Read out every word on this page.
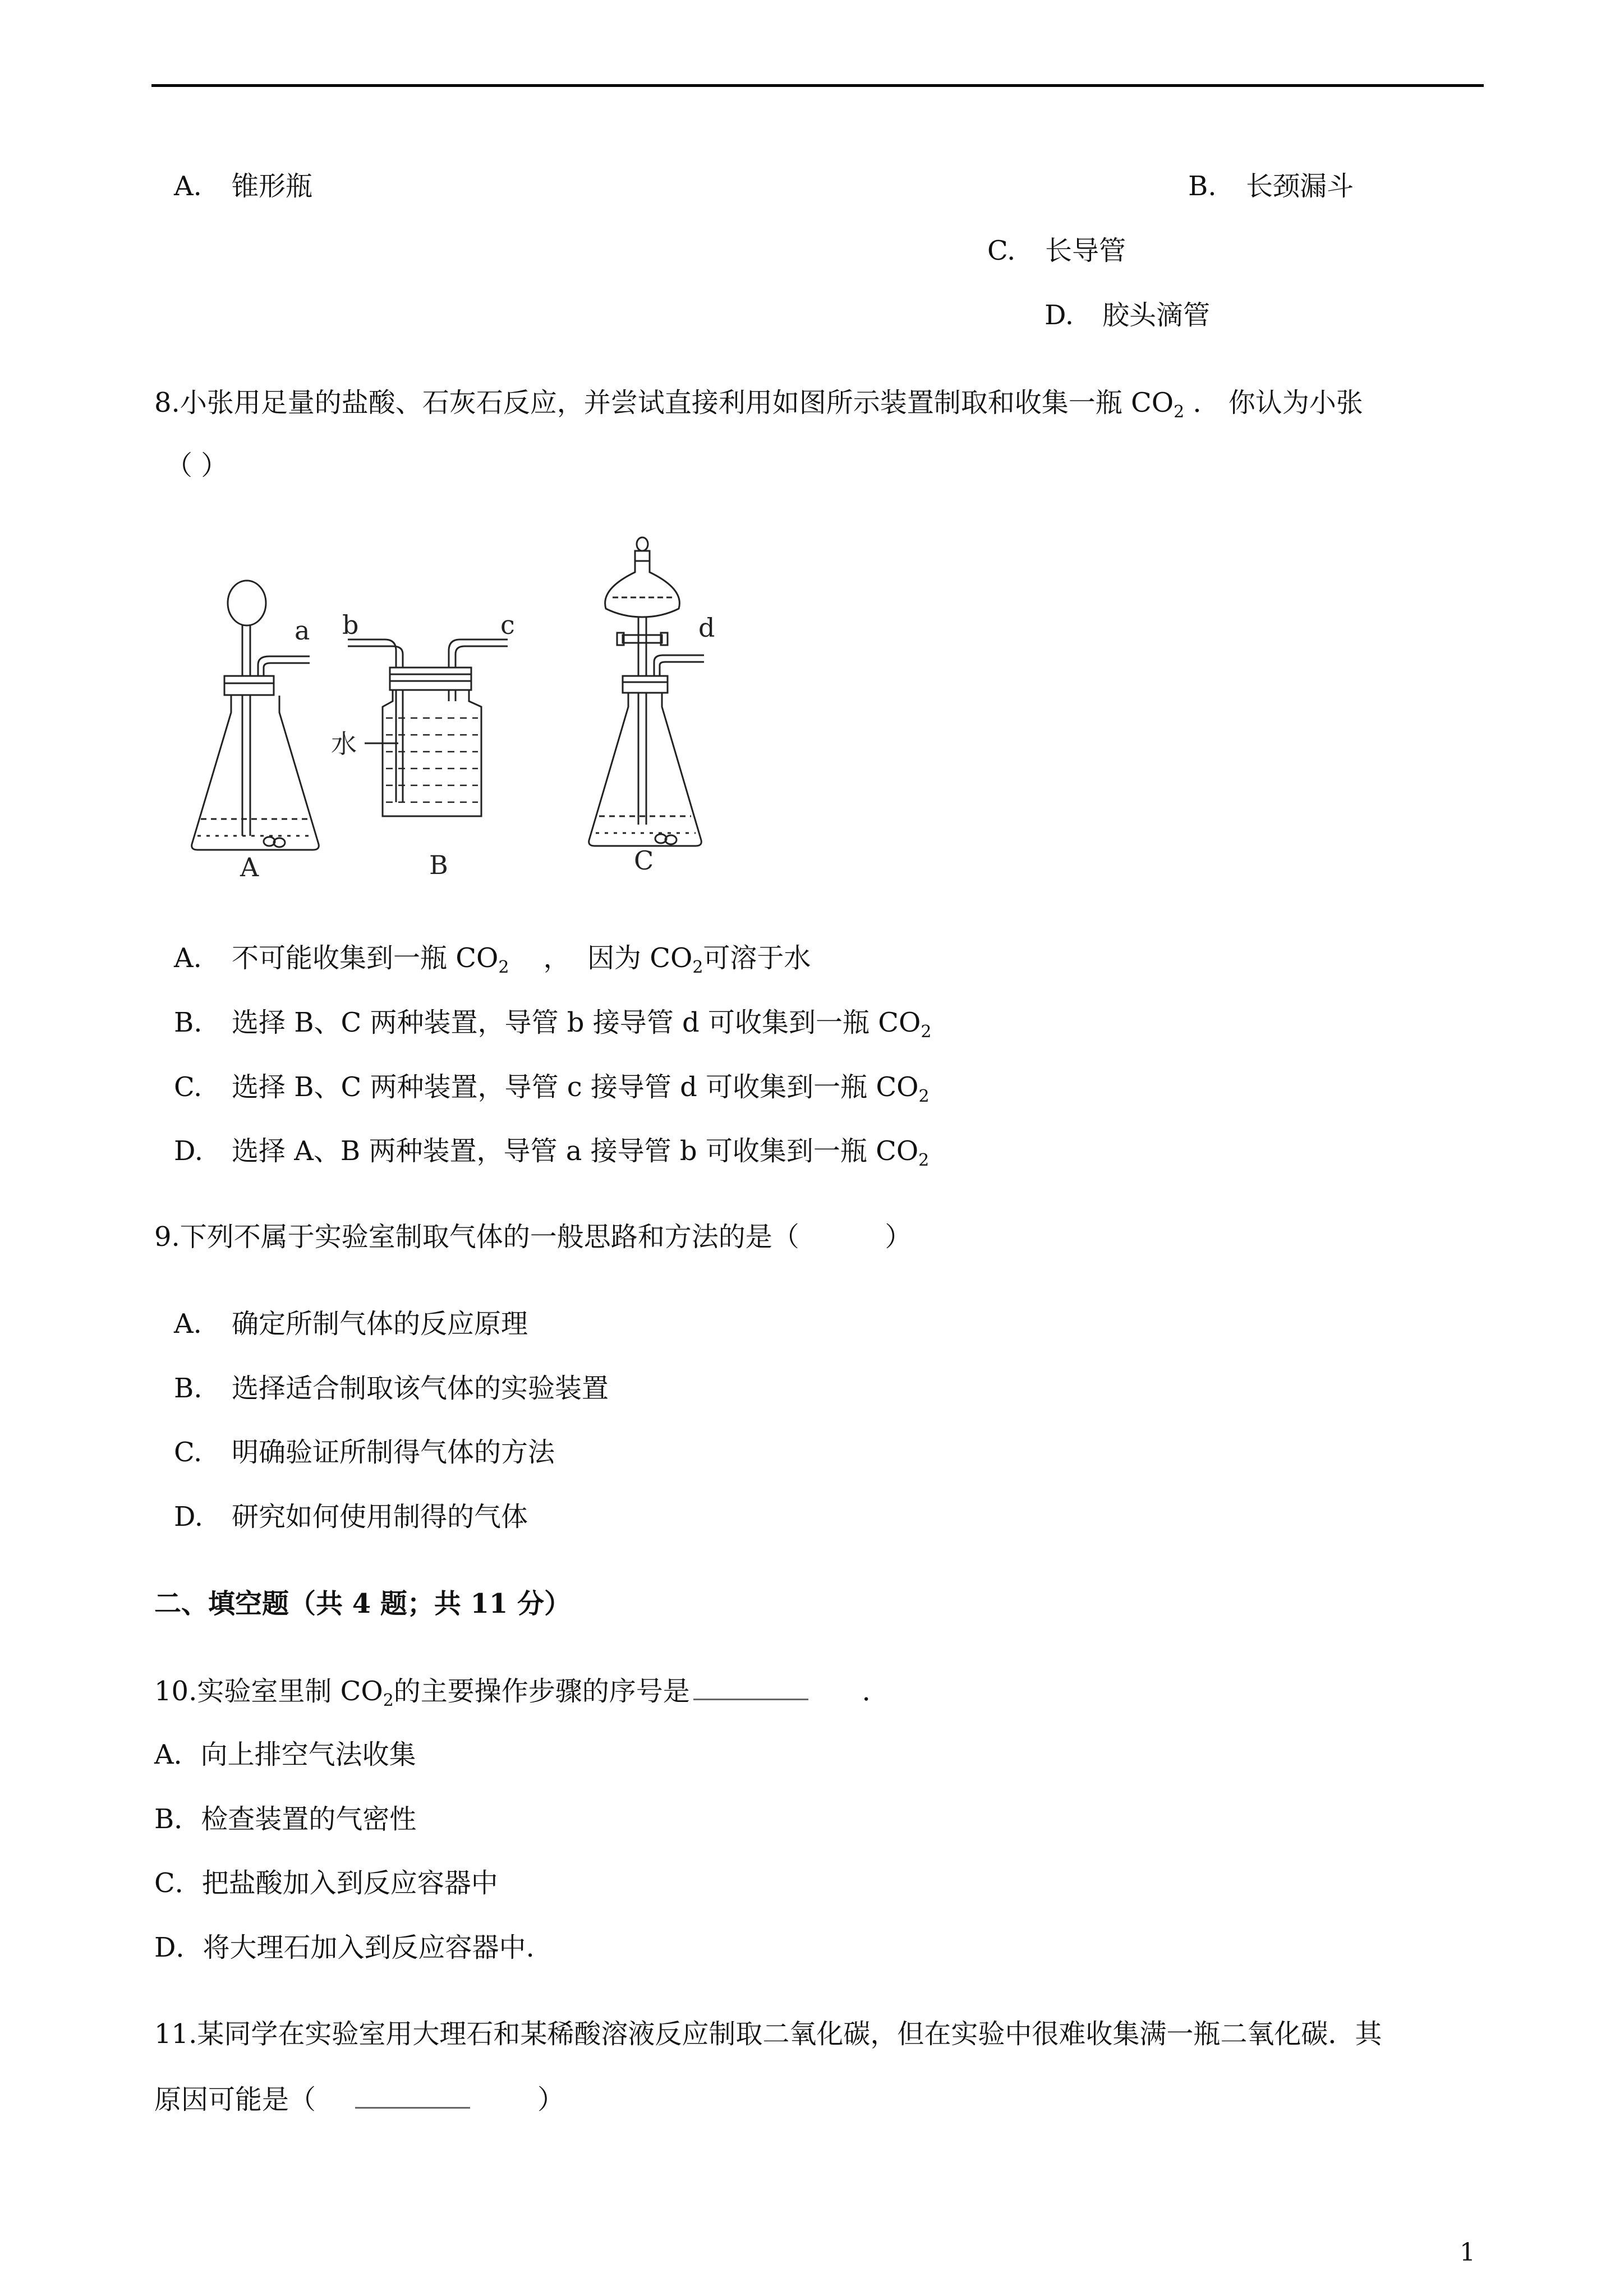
A. 锥形瓶	B. 长颈漏斗
C. 长导管
D. 胶头滴管
8.小张用足量的盐酸、石灰石反应，并尝试直接利用如图所示装置制取和收集一瓶 $CO_2$ ． 你认为小张
（ ）
a b	c	d
水
A	B	C
A. 不可能收集到一瓶 $CO_2$    ，  因为 $CO_2$可溶于水
B. 选择 B、C 两种装置，导管 b 接导管 d 可收集到一瓶 $CO_2$
C. 选择 B、C 两种装置，导管 c 接导管 d 可收集到一瓶 $CO_2$
D. 选择 A、B 两种装置，导管 a 接导管 b 可收集到一瓶 $CO_2$
9.下列不属于实验室制取气体的一般思路和方法的是（          ）
A. 确定所制气体的反应原理
B. 选择适合制取该气体的实验装置
C. 明确验证所制得气体的方法
D. 研究如何使用制得的气体
二、填空题（共 4 题；共 11 分）
10.实验室里制 $CO_2$的主要操作步骤的序号是	．
A．向上排空气法收集
B．检查装置的气密性
C．把盐酸加入到反应容器中
D．将大理石加入到反应容器中.
11.某同学在实验室用大理石和某稀酸溶液反应制取二氧化碳，但在实验中很难收集满一瓶二氧化碳．其
原因可能是（	）
1
